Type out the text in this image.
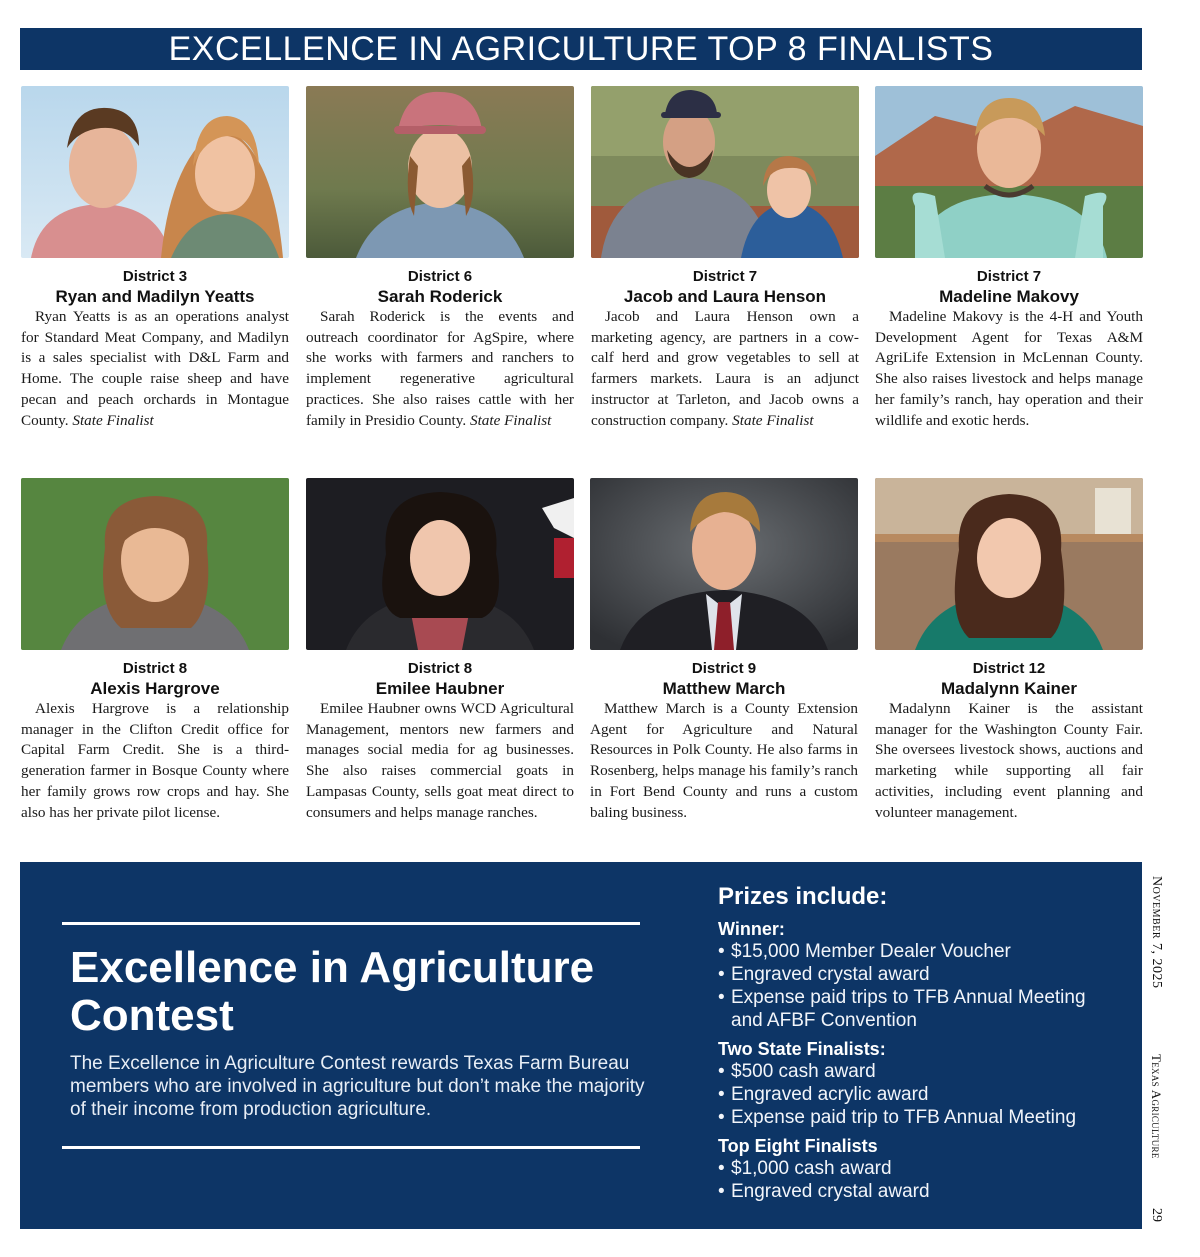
EXCELLENCE IN AGRICULTURE TOP 8 FINALISTS
District 3
Ryan and Madilyn Yeatts

Ryan Yeatts is as an operations analyst for Standard Meat Company, and Madilyn is a sales specialist with D&L Farm and Home. The couple raise sheep and have pecan and peach orchards in Montague County. State Finalist

District 6
Sarah Roderick

Sarah Roderick is the events and outreach coordinator for AgSpire, where she works with farmers and ranchers to implement regenerative agricultural practices. She also raises cattle with her family in Presidio County. State Finalist

District 7
Jacob and Laura Henson

Jacob and Laura Henson own a marketing agency, are partners in a cow-calf herd and grow vegetables to sell at farmers markets. Laura is an adjunct instructor at Tarleton, and Jacob owns a construction company. State Finalist

District 7
Madeline Makovy

Madeline Makovy is the 4-H and Youth Development Agent for Texas A&M AgriLife Extension in McLennan County. She also raises livestock and helps manage her family’s ranch, hay operation and their wildlife and exotic herds.

District 8
Alexis Hargrove

Alexis Hargrove is a relationship manager in the Clifton Credit office for Capital Farm Credit. She is a third-generation farmer in Bosque County where her family grows row crops and hay. She also has her private pilot license.

District 8
Emilee Haubner

Emilee Haubner owns WCD Agricultural Management, mentors new farmers and manages social media for ag businesses. She also raises commercial goats in Lampasas County, sells goat meat direct to consumers and helps manage ranches.

District 9
Matthew March

Matthew March is a County Extension Agent for Agriculture and Natural Resources in Polk County. He also farms in Rosenberg, helps manage his family’s ranch in Fort Bend County and runs a custom baling business.

District 12
Madalynn Kainer

Madalynn Kainer is the assistant manager for the Washington County Fair. She oversees livestock shows, auctions and marketing while supporting all fair activities, including event planning and volunteer management.

Excellence in Agriculture Contest
The Excellence in Agriculture Contest rewards Texas Farm Bureau members who are involved in agriculture but don’t make the majority of their income from production agriculture.
Prizes include:
Winner:
• $15,000 Member Dealer Voucher
• Engraved crystal award
• Expense paid trips to TFB Annual Meeting and AFBF Convention
Two State Finalists:
• $500 cash award
• Engraved acrylic award
• Expense paid trip to TFB Annual Meeting
Top Eight Finalists
• $1,000 cash award
• Engraved crystal award
November 7, 2025
Texas Agriculture
29
